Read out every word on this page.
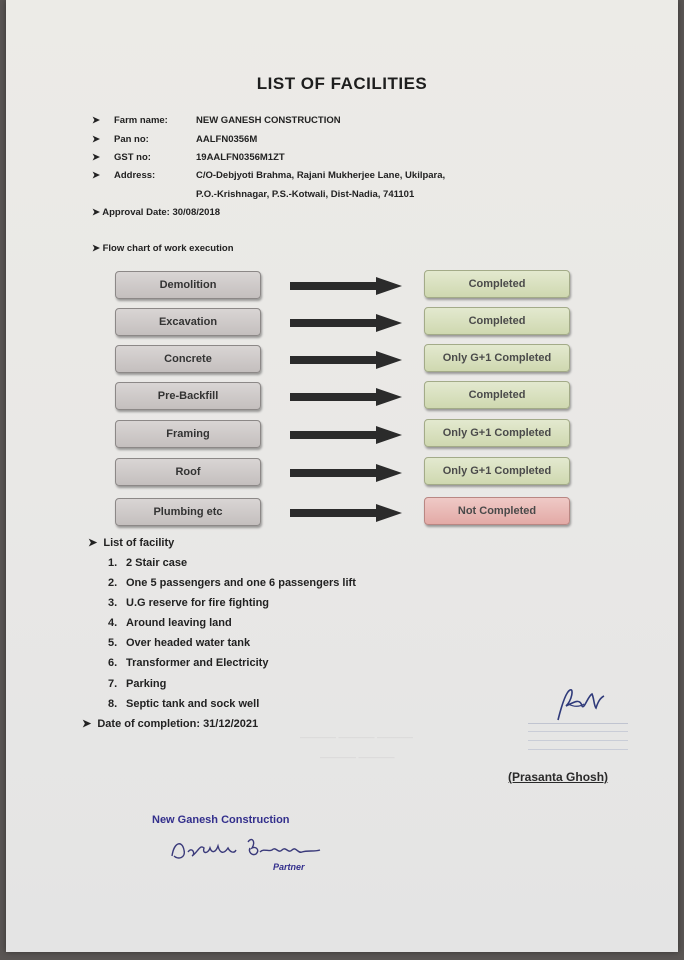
LIST OF FACILITIES
➤ Farm name:	NEW GANESH CONSTRUCTION
➤ Pan no:	AALFN0356M
➤ GST no:	19AALFN0356M1ZT
➤ Address:	C/O-Debjyoti Brahma, Rajani Mukherjee Lane, Ukilpara,
P.O.-Krishnagar, P.S.-Kotwali, Dist-Nadia, 741101
➤ Approval Date: 30/08/2018
➤ Flow chart of work execution
Demolition	Completed
Excavation	Completed
Concrete	Only G+1 Completed
Pre-Backfill	Completed
Framing	Only G+1 Completed
Roof	Only G+1 Completed
Plumbing etc	Not Completed
➤ List of facility
1. 2 Stair case
2. One 5 passengers and one 6 passengers lift
3. U.G reserve for fire fighting
4. Around leaving land
5. Over headed water tank
6. Transformer and Electricity
7. Parking
8. Septic tank and sock well
➤ Date of completion: 31/12/2021
(Prasanta Ghosh)
———— ———— ————
———— ————
New Ganesh Construction
Partner
